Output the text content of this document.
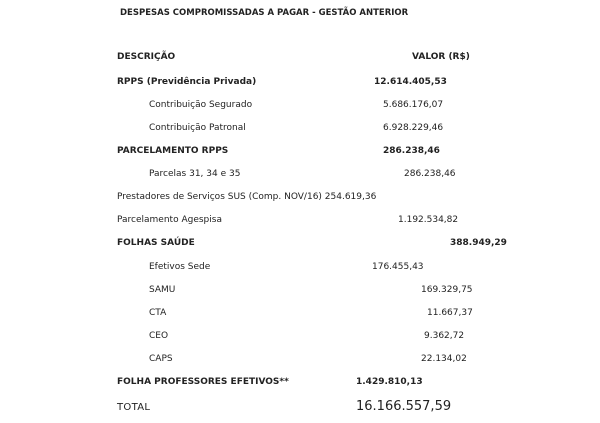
DESPESAS COMPROMISSADAS A PAGAR - GESTÃO ANTERIOR
DESCRIÇÃO	VALOR (R$)
RPPS (Previdência Privada)	12.614.405,53
Contribuição Segurado	5.686.176,07
Contribuição Patronal	6.928.229,46
PARCELAMENTO RPPS	286.238,46
Parcelas 31, 34 e 35	286.238,46
Prestadores de Serviços SUS (Comp. NOV/16) 254.619,36
Parcelamento Agespisa	1.192.534,82
FOLHAS SAÚDE	388.949,29
Efetivos Sede	176.455,43
SAMU	169.329,75
CTA	11.667,37
CEO	9.362,72
CAPS	22.134,02
FOLHA PROFESSORES EFETIVOS**	1.429.810,13
TOTAL	16.166.557,59
